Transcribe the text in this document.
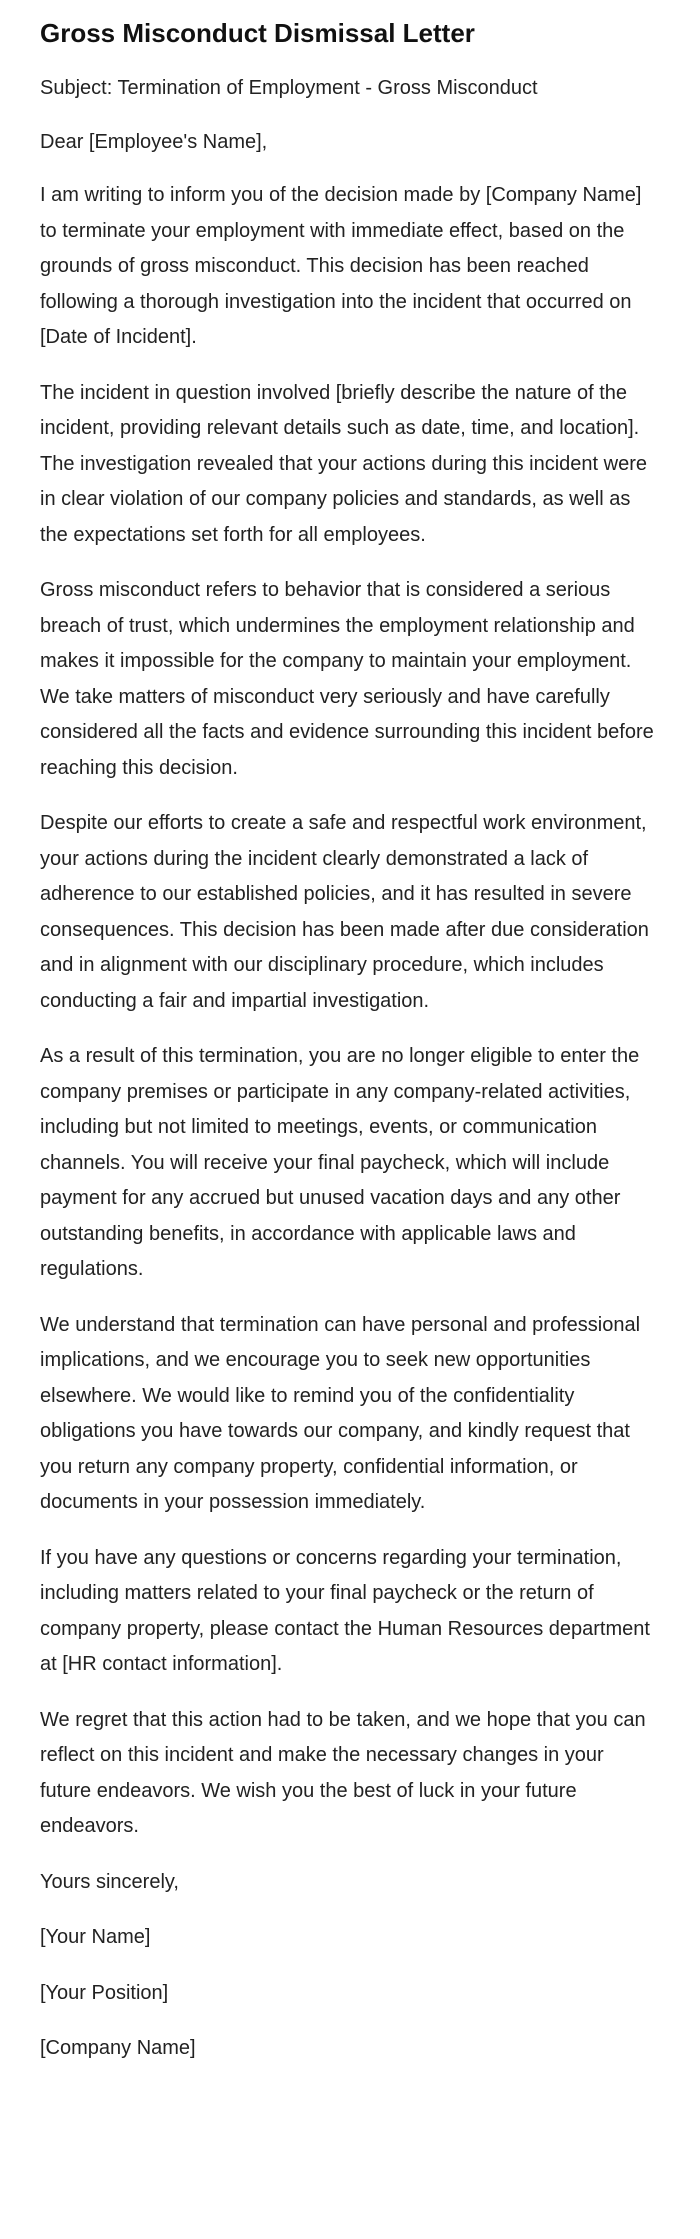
Gross Misconduct Dismissal Letter

Subject: Termination of Employment - Gross Misconduct

Dear [Employee's Name],

I am writing to inform you of the decision made by [Company Name] to terminate your employment with immediate effect, based on the grounds of gross misconduct. This decision has been reached following a thorough investigation into the incident that occurred on [Date of Incident].

The incident in question involved [briefly describe the nature of the incident, providing relevant details such as date, time, and location]. The investigation revealed that your actions during this incident were in clear violation of our company policies and standards, as well as the expectations set forth for all employees.

Gross misconduct refers to behavior that is considered a serious breach of trust, which undermines the employment relationship and makes it impossible for the company to maintain your employment. We take matters of misconduct very seriously and have carefully considered all the facts and evidence surrounding this incident before reaching this decision.

Despite our efforts to create a safe and respectful work environment, your actions during the incident clearly demonstrated a lack of adherence to our established policies, and it has resulted in severe consequences. This decision has been made after due consideration and in alignment with our disciplinary procedure, which includes conducting a fair and impartial investigation.

As a result of this termination, you are no longer eligible to enter the company premises or participate in any company-related activities, including but not limited to meetings, events, or communication channels. You will receive your final paycheck, which will include payment for any accrued but unused vacation days and any other outstanding benefits, in accordance with applicable laws and regulations.

We understand that termination can have personal and professional implications, and we encourage you to seek new opportunities elsewhere. We would like to remind you of the confidentiality obligations you have towards our company, and kindly request that you return any company property, confidential information, or documents in your possession immediately.

If you have any questions or concerns regarding your termination, including matters related to your final paycheck or the return of company property, please contact the Human Resources department at [HR contact information].

We regret that this action had to be taken, and we hope that you can reflect on this incident and make the necessary changes in your future endeavors. We wish you the best of luck in your future endeavors.

Yours sincerely,

[Your Name]

[Your Position]

[Company Name]
